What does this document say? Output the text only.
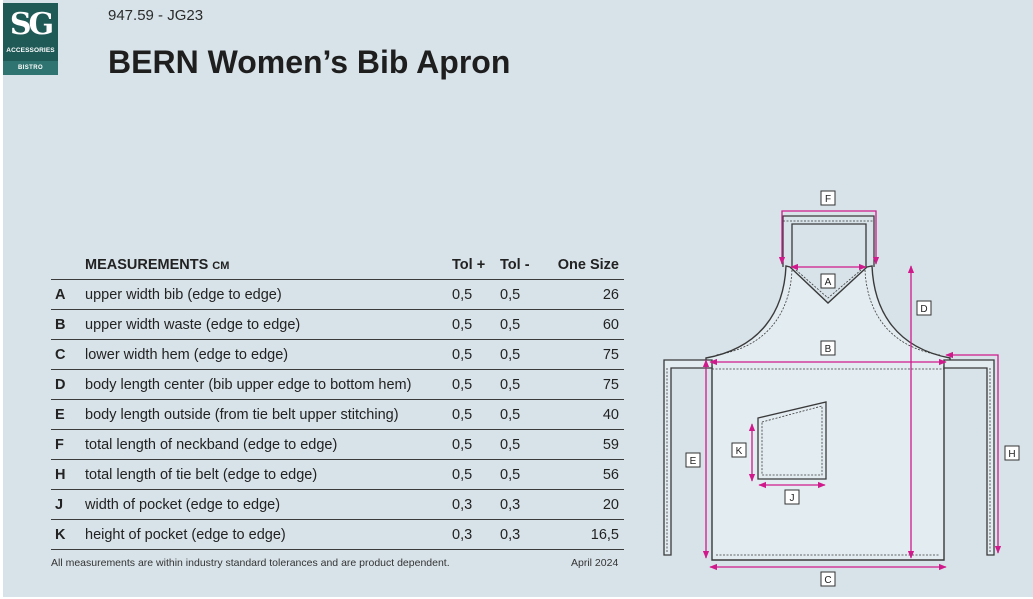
SG
ACCESSORIES
BISTRO
947.59 - JG23
BERN Women’s Bib Apron
MEASUREMENTS CM	Tol + Tol - One Size
A upper width bib (edge to edge)	0,5 0,5	26
B upper width waste (edge to edge)	0,5 0,5	60
C lower width hem (edge to edge)	0,5 0,5	75
D body length center (bib upper edge to bottom hem)	0,5 0,5	75
E body length outside (from tie belt upper stitching)	0,5 0,5	40
F total length of neckband (edge to edge)	0,5 0,5	59
H total length of tie belt (edge to edge)	0,5 0,5	56
J width of pocket (edge to edge)	0,3 0,3	20
K height of pocket (edge to edge)	0,3 0,3	16,5
All measurements are within industry standard tolerances and are product dependent.	April 2024
F
A
D
B
K
E
H
J
C
